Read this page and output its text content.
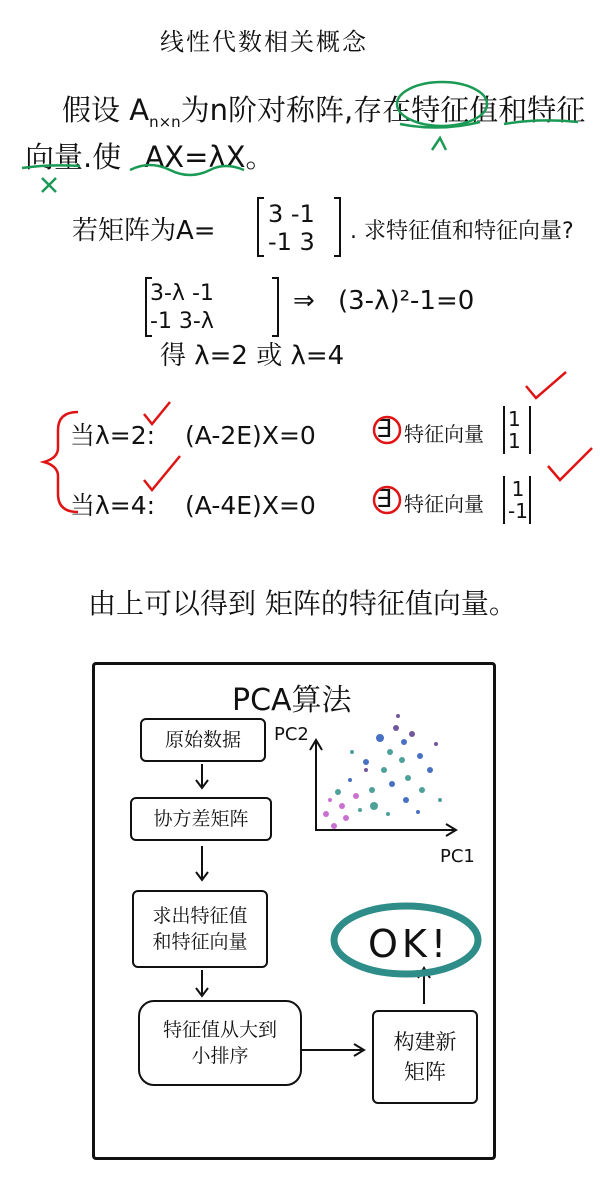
线性代数相关概念
假设 $A_{n\times n}$为n阶对称阵,存在特征值和特征
向量.使 AX=λX。
若矩阵为A=
3 -1
-1 3 . 求特征值和特征向量?
3-λ -1
-1 3-λ
⇒ (3-λ)²-1=0
得 λ=2 或 λ=4
当λ=2: (A-2E)X=0 ∃ 特征向量
1
1
当λ=4: (A-4E)X=0 ∃ 特征向量
1
-1
由上可以得到 矩阵的特征值向量。
PCA算法
原始数据
协方差矩阵
求出特征值和特征向量
特征值从大到小排序
构建新矩阵
PC2
PC1
OK!
